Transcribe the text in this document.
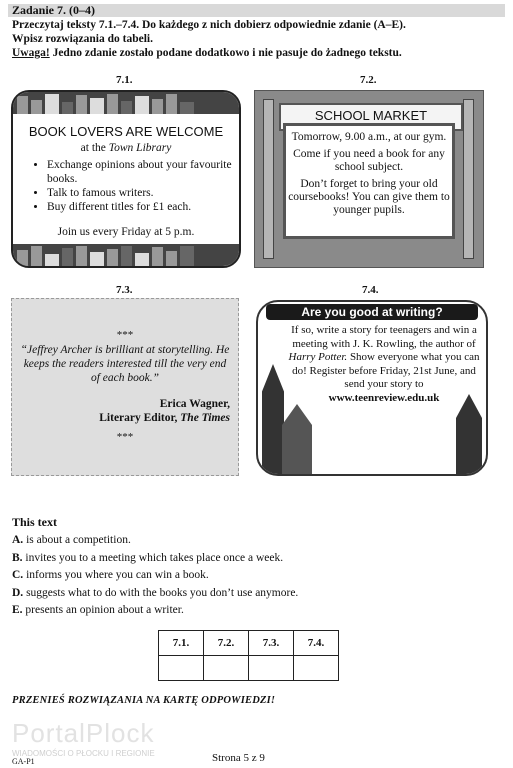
Zadanie 7. (0–4)
Przeczytaj teksty 7.1.–7.4. Do każdego z nich dobierz odpowiednie zdanie (A–E).
Wpisz rozwiązania do tabeli.
Uwaga! Jedno zdanie zostało podane dodatkowo i nie pasuje do żadnego tekstu.
7.1.
BOOK LOVERS ARE WELCOME
at the Town Library
• Exchange opinions about your favourite books.
• Talk to famous writers.
• Buy different titles for £1 each.
Join us every Friday at 5 p.m.
7.2.
SCHOOL MARKET

Tomorrow, 9.00 a.m., at our gym.

Come if you need a book for any school subject.

Don’t forget to bring your old coursebooks! You can give them to younger pupils.

7.3.
***
“Jeffrey Archer is brilliant at storytelling. He keeps the readers interested till the very end of each book.”
Erica Wagner,
Literary Editor, The Times
***
7.4.
Are you good at writing?
If so, write a story for teenagers and win a meeting with J. K. Rowling, the author of Harry Potter. Show everyone what you can do! Register before Friday, 21st June, and send your story to www.teenreview.edu.uk
This text
A. is about a competition.
B. invites you to a meeting which takes place once a week.
C. informs you where you can win a book.
D. suggests what to do with the books you don’t use anymore.
E. presents an opinion about a writer.
7.1.	7.2.	7.3.	7.4.

PRZENIEŚ ROZWIĄZANIA NA KARTĘ ODPOWIEDZI!
PortalPlock
WIADOMOŚCI O PŁOCKU I REGIONIE
GA-P1	Strona 5 z 9
